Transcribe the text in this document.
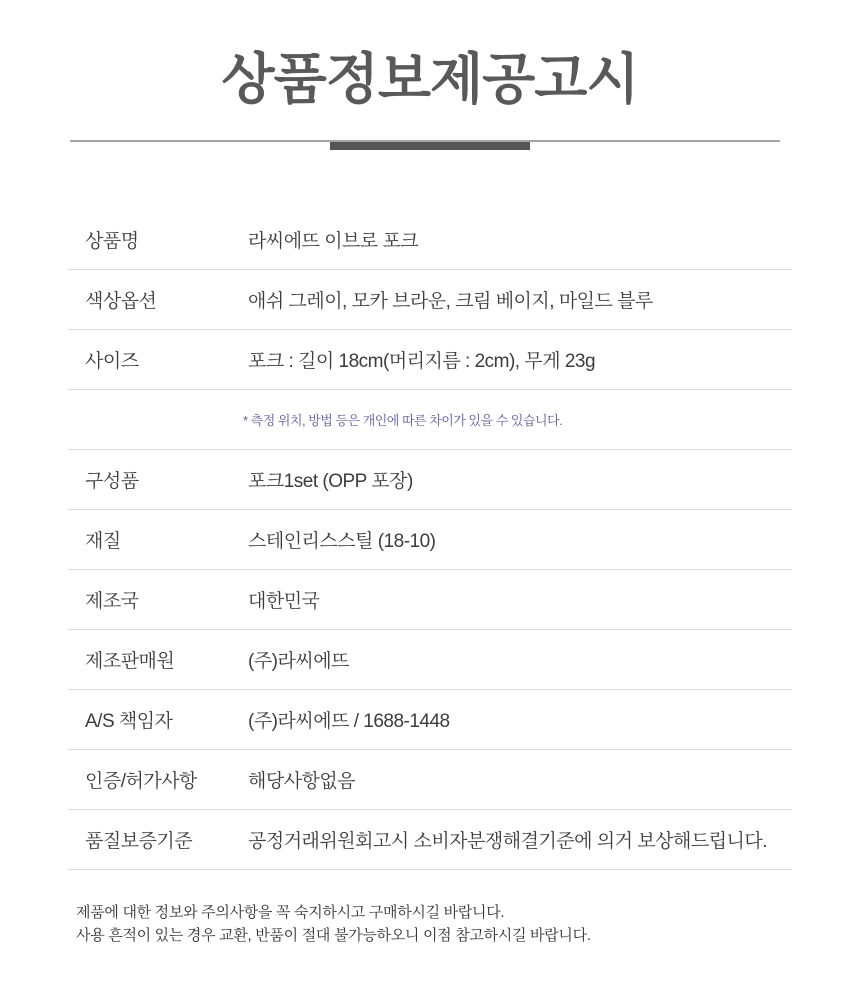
상품정보제공고시
상품명	라씨에뜨 이브로 포크
색상옵션	애쉬 그레이, 모카 브라운, 크림 베이지, 마일드 블루
사이즈	포크 : 길이 18cm(머리지름 : 2cm), 무게 23g
* 측정 위치, 방법 등은 개인에 따른 차이가 있을 수 있습니다.
구성품	포크1set (OPP 포장)
재질	스테인리스스틸 (18-10)
제조국	대한민국
제조판매원	(주)라씨에뜨
A/S 책임자	(주)라씨에뜨 / 1688-1448
인증/허가사항	해당사항없음
품질보증기준	공정거래위원회고시 소비자분쟁해결기준에 의거 보상해드립니다.

제품에 대한 정보와 주의사항을 꼭 숙지하시고 구매하시길 바랍니다.

사용 흔적이 있는 경우 교환, 반품이 절대 불가능하오니 이점 참고하시길 바랍니다.
